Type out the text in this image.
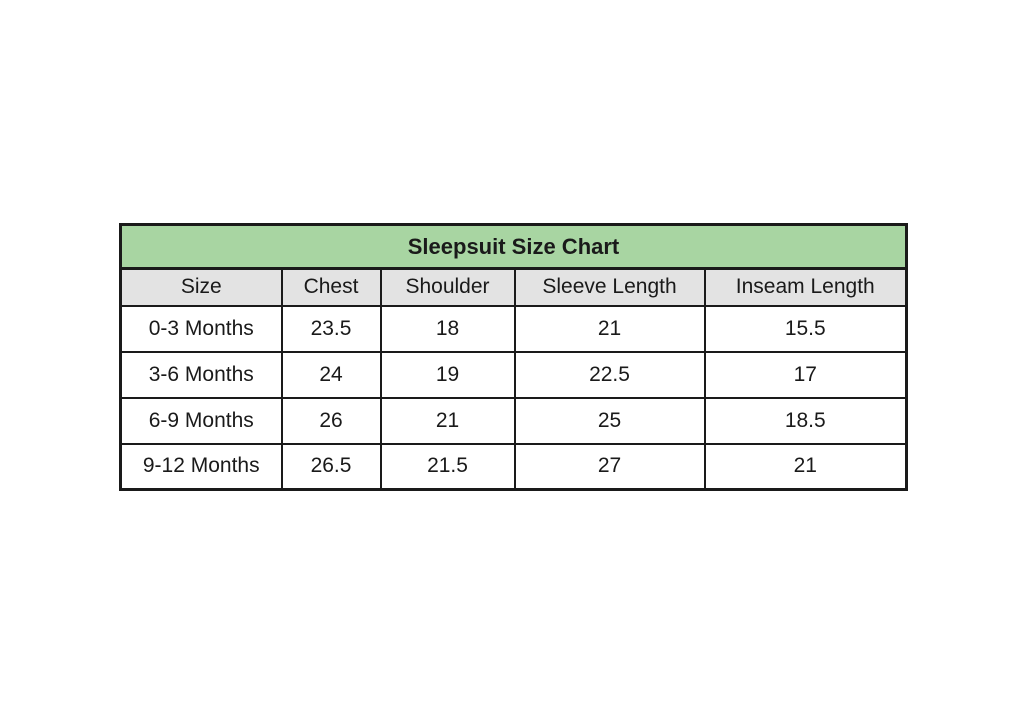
Sleepsuit Size Chart				
Size	Chest	Shoulder	Sleeve Length	Inseam Length
0-3 Months	23.5	18	21	15.5
3-6 Months	24	19	22.5	17
6-9 Months	26	21	25	18.5
9-12 Months	26.5	21.5	27	21
